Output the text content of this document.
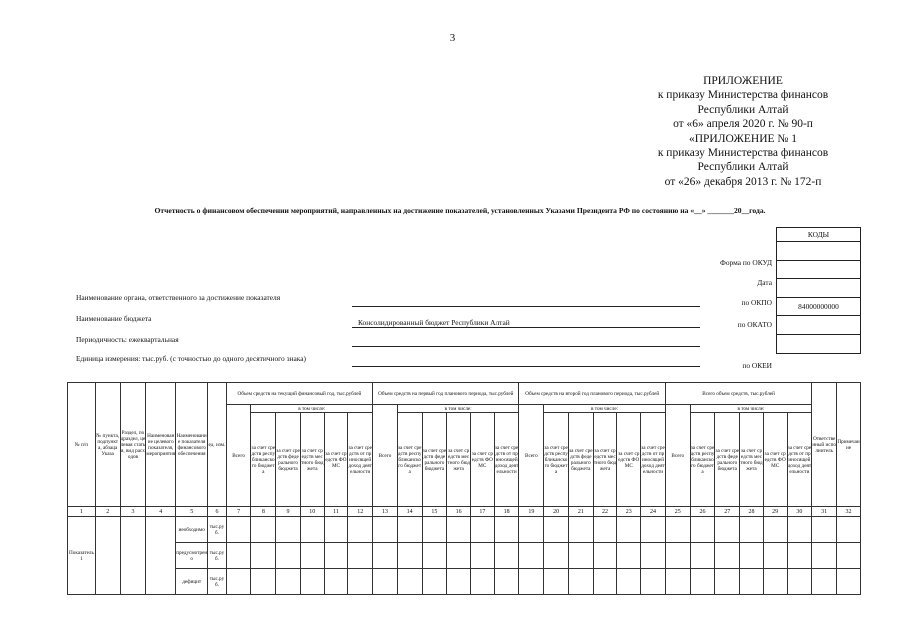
3
ПРИЛОЖЕНИЕ
к приказу Министерства финансов
Республики Алтай
от «6» апреля 2020 г. № 90-п
«ПРИЛОЖЕНИЕ № 1
к приказу Министерства финансов
Республики Алтай
от «26» декабря 2013 г. № 172-п
Отчетность о финансовом обеспечении мероприятий, направленных на достижение показателей, установленных Указами Президента РФ по состоянию на «__» _______20__года.
КОДЫ

84000000000

Форма по ОКУД
Дата
по ОКПО
по ОКАТО
по ОКЕИ
Наименование органа, ответственного за достижение показателя
Наименование бюджета	Консолидированный бюджет Республики Алтай
Периодичность: ежеквартальная
Единица измерения: тыс.руб. (с точностью до одного десятичного знака)
№ п/п	№ пункта, подпункта, абзаца Указа	Раздел, подраздел, целевая статья, вид расходов	Наименование целевого показателя, мероприятия	Наименование показателя финансового обеспечения	ед. изм.	Объем средств на текущий финансовый год, тыс.рублей						Объем средств на первый год планового периода, тыс.рублей						Объем средств на второй год планового периода, тыс.рублей						Всего объем средств, тыс.рублей						Ответственный исполнитель	Примечание
						Всего	в том числе:					Всего	в том числе:					Всего	в том числе:					Всего	в том числе:						
							за счет средств республиканского бюджета	за счет средств федерального бюджета	за счет средств местного бюджета	за счет средств ФОМС	за счет средств от приносящей доход деятельности		за счет средств республиканского бюджета	за счет средств федерального бюджета	за счет средств местного бюджета	за счет средств ФОМС	за счет средств от приносящей доход деятельности		за счет средств республиканского бюджета	за счет средств федерального бюджета	за счет средств местного бюджета	за счет средств ФОМС	за счет средств от приносящей доход деятельности		за счет средств республиканского бюджета	за счет средств федерального бюджета	за счет средств местного бюджета	за счет средств ФОМС	за счет средств от приносящей доход деятельности		
1	2	3	4	5	6	7	8	9	10	11	12	13	14	15	16	17	18	19	20	21	22	23	24	25	26	27	28	29	30	31	32
Показатель 1				необходимо	тыс.руб.																										
				предусмотрено	тыс.руб.																										
				дефицит	тыс.руб.																										
